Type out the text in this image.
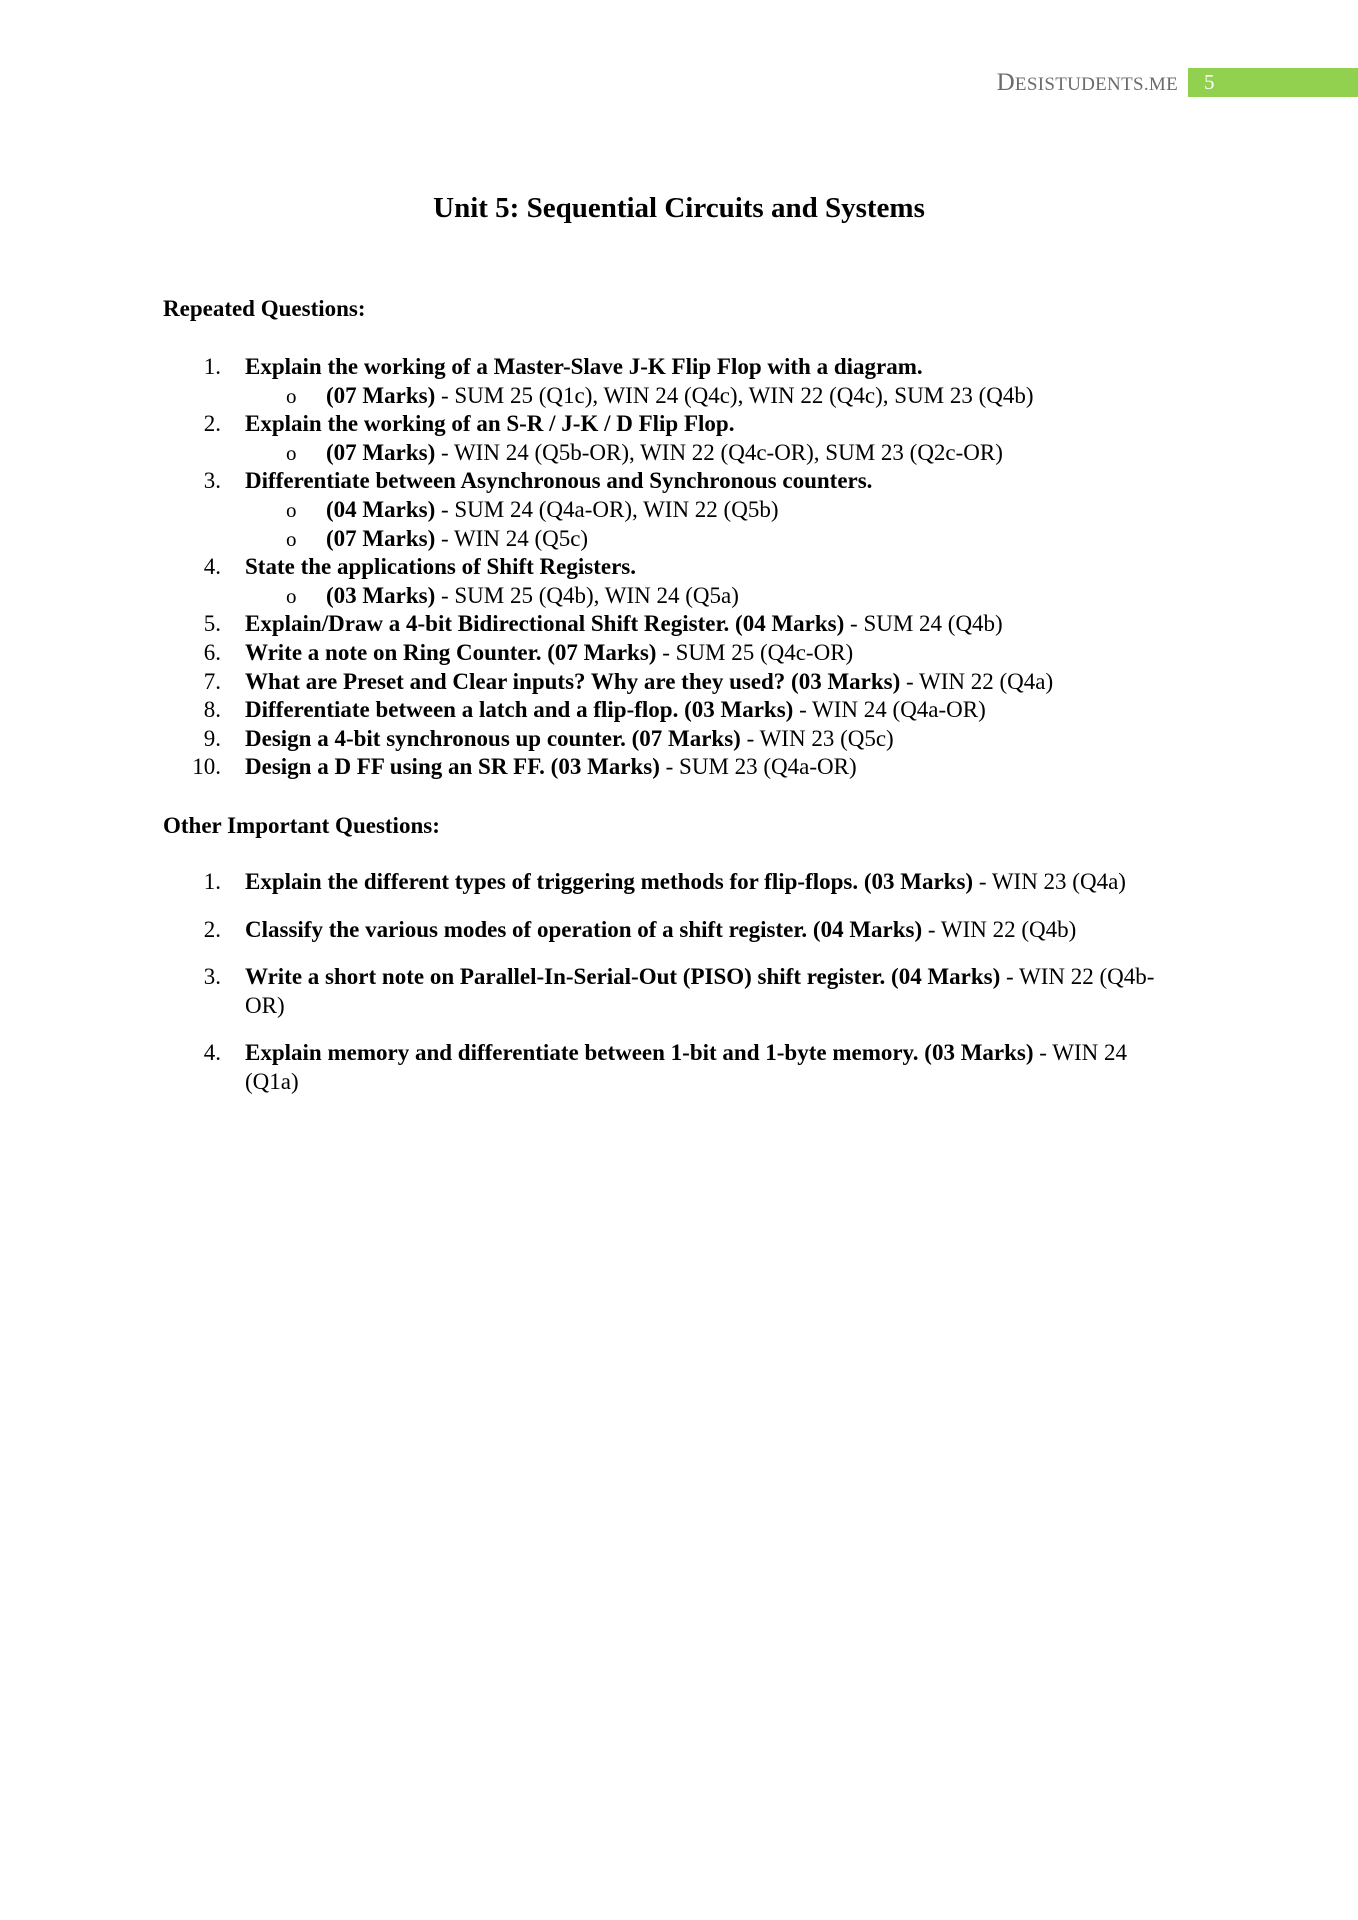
DESISTUDENTS.ME	5
Unit 5: Sequential Circuits and Systems
Repeated Questions:
1. Explain the working of a Master-Slave J-K Flip Flop with a diagram.
o (07 Marks) - SUM 25 (Q1c), WIN 24 (Q4c), WIN 22 (Q4c), SUM 23 (Q4b)
2. Explain the working of an S-R / J-K / D Flip Flop.
o (07 Marks) - WIN 24 (Q5b-OR), WIN 22 (Q4c-OR), SUM 23 (Q2c-OR)
3. Differentiate between Asynchronous and Synchronous counters.
o (04 Marks) - SUM 24 (Q4a-OR), WIN 22 (Q5b)
o (07 Marks) - WIN 24 (Q5c)
4. State the applications of Shift Registers.
o (03 Marks) - SUM 25 (Q4b), WIN 24 (Q5a)
5. Explain/Draw a 4-bit Bidirectional Shift Register. (04 Marks) - SUM 24 (Q4b)
6. Write a note on Ring Counter. (07 Marks) - SUM 25 (Q4c-OR)
7. What are Preset and Clear inputs? Why are they used? (03 Marks) - WIN 22 (Q4a)
8. Differentiate between a latch and a flip-flop. (03 Marks) - WIN 24 (Q4a-OR)
9. Design a 4-bit synchronous up counter. (07 Marks) - WIN 23 (Q5c)
10. Design a D FF using an SR FF. (03 Marks) - SUM 23 (Q4a-OR)
Other Important Questions:
1. Explain the different types of triggering methods for flip-flops. (03 Marks) - WIN 23 (Q4a)
2. Classify the various modes of operation of a shift register. (04 Marks) - WIN 22 (Q4b)
3. Write a short note on Parallel-In-Serial-Out (PISO) shift register. (04 Marks) - WIN 22 (Q4b-OR)
4. Explain memory and differentiate between 1-bit and 1-byte memory. (03 Marks) - WIN 24 (Q1a)
